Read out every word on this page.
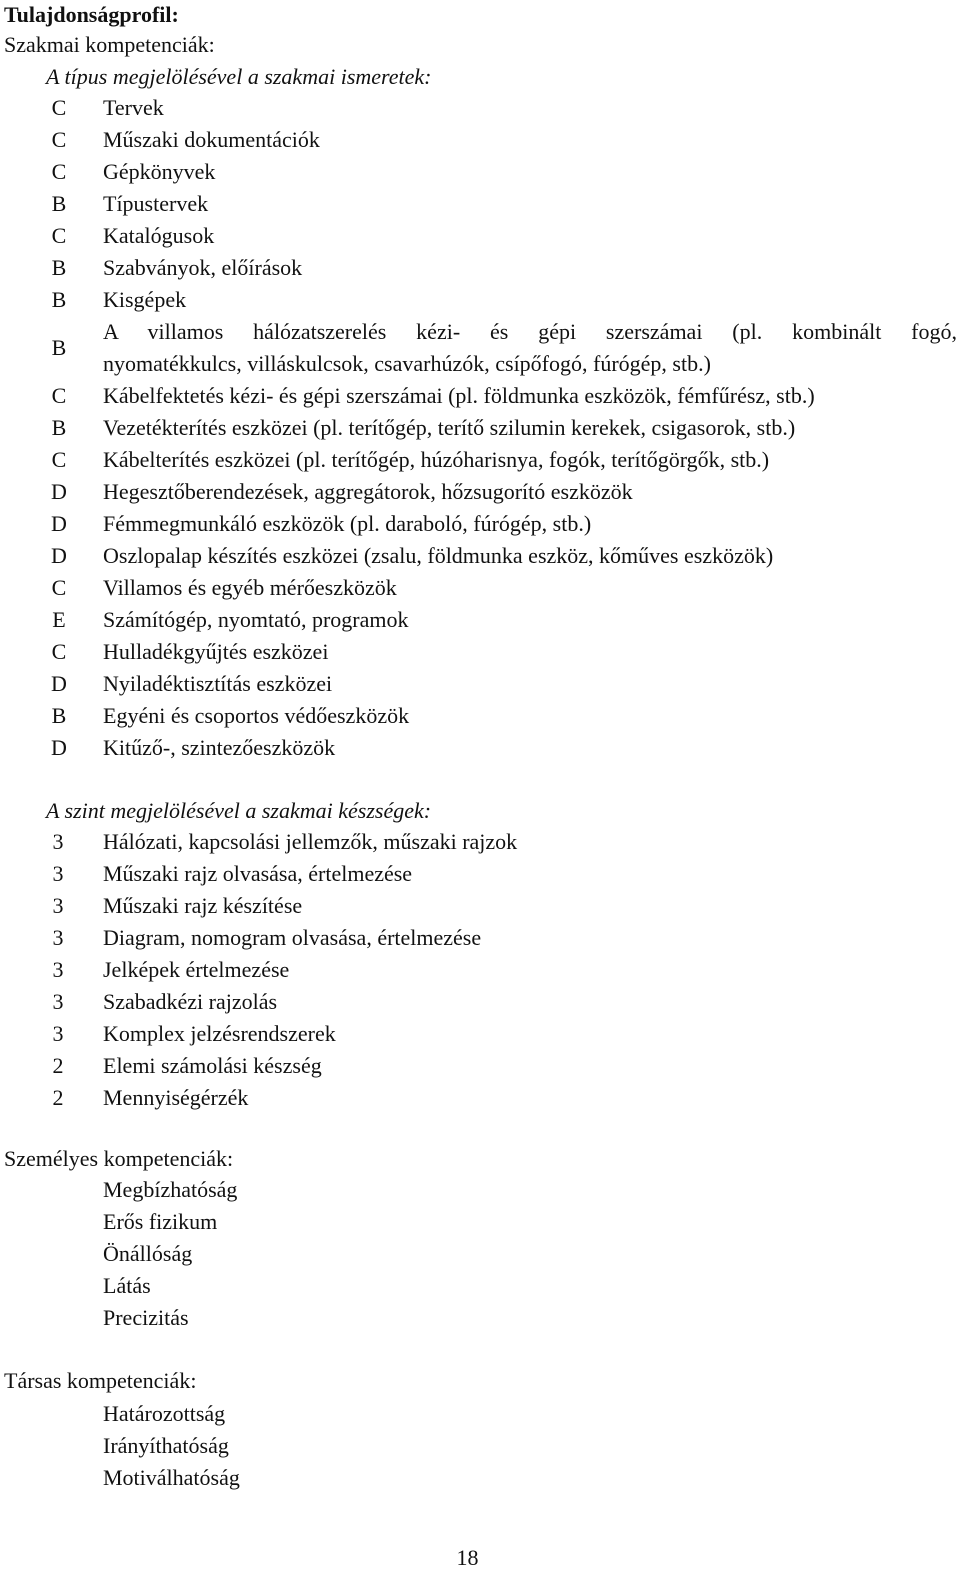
Tulajdonságprofil:
Szakmai kompetenciák:
A típus megjelölésével a szakmai ismeretek:
C Tervek
C Műszaki dokumentációk
C Gépkönyvek
B Típustervek
C Katalógusok
B Szabványok, előírások
B Kisgépek
B
A villamos hálózatszerelés kézi- és gépi szerszámai (pl. kombinált fogó,
nyomatékkulcs, villáskulcsok, csavarhúzók, csípőfogó, fúrógép, stb.)
C Kábelfektetés kézi- és gépi szerszámai (pl. földmunka eszközök, fémfűrész, stb.)
B Vezetékterítés eszközei (pl. terítőgép, terítő szilumin kerekek, csigasorok, stb.)
C Kábelterítés eszközei (pl. terítőgép, húzóharisnya, fogók, terítőgörgők, stb.)
D Hegesztőberendezések, aggregátorok, hőzsugorító eszközök
D Fémmegmunkáló eszközök (pl. daraboló, fúrógép, stb.)
D Oszlopalap készítés eszközei (zsalu, földmunka eszköz, kőműves eszközök)
C Villamos és egyéb mérőeszközök
E Számítógép, nyomtató, programok
C Hulladékgyűjtés eszközei
D Nyiladéktisztítás eszközei
B Egyéni és csoportos védőeszközök
D Kitűző-, szintezőeszközök
A szint megjelölésével a szakmai készségek:
3 Hálózati, kapcsolási jellemzők, műszaki rajzok
3 Műszaki rajz olvasása, értelmezése
3 Műszaki rajz készítése
3 Diagram, nomogram olvasása, értelmezése
3 Jelképek értelmezése
3 Szabadkézi rajzolás
3 Komplex jelzésrendszerek
2 Elemi számolási készség
2 Mennyiségérzék
Személyes kompetenciák:
Megbízhatóság
Erős fizikum
Önállóság
Látás
Precizitás
Társas kompetenciák:
Határozottság
Irányíthatóság
Motiválhatóság
18
